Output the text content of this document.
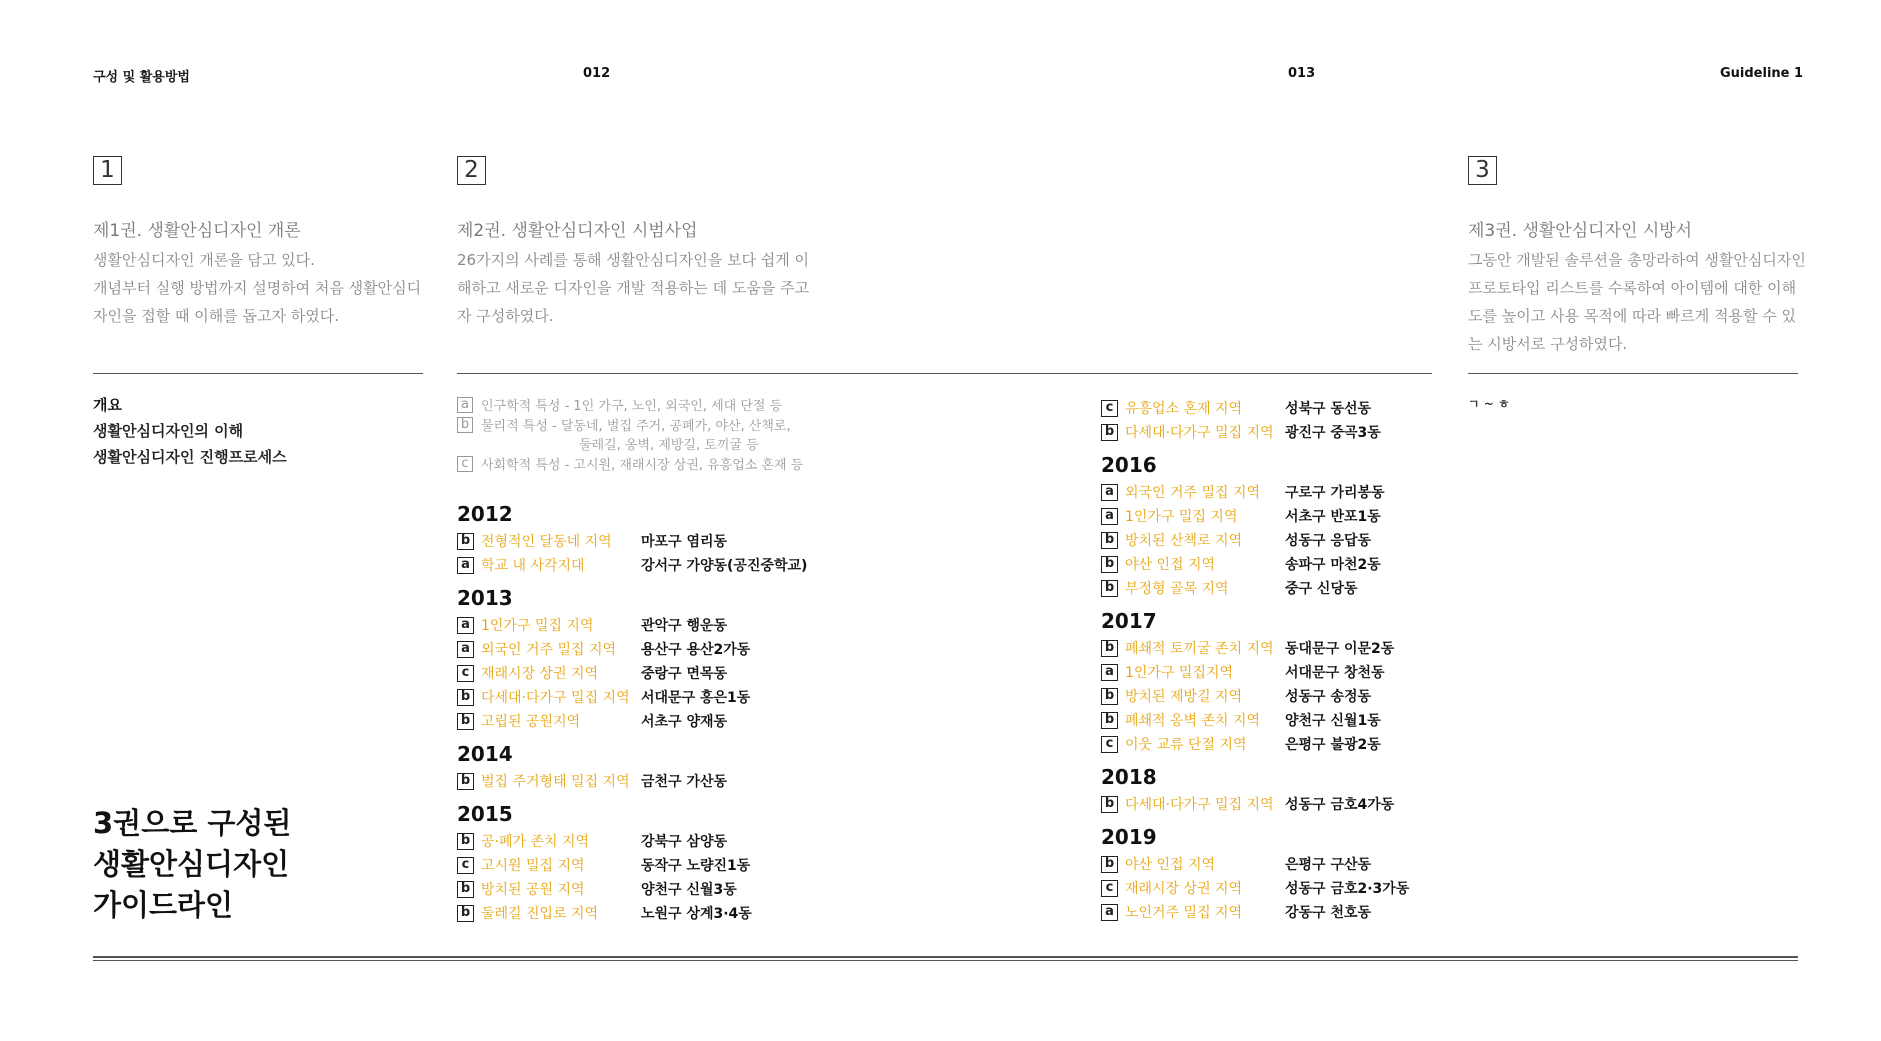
구성 및 활용방법	012	013	Guideline 1
1
제1권. 생활안심디자인 개론
생활안심디자인 개론을 담고 있다.
개념부터 실행 방법까지 설명하여 처음 생활안심디
자인을 접할 때 이해를 돕고자 하였다.
2
제2권. 생활안심디자인 시범사업
26가지의 사례를 통해 생활안심디자인을 보다 쉽게 이
해하고 새로운 디자인을 개발 적용하는 데 도움을 주고
자 구성하였다.
3
제3권. 생활안심디자인 시방서
그동안 개발된 솔루션을 총망라하여 생활안심디자인
프로토타입 리스트를 수록하여 아이템에 대한 이해
도를 높이고 사용 목적에 따라 빠르게 적용할 수 있
는 시방서로 구성하였다.
개요
생활안심디자인의 이해
생활안심디자인 진행프로세스
3권으로 구성된
생활안심디자인
가이드라인
a 인구학적 특성 - 1인 가구, 노인, 외국인, 세대 단절 등
b 물리적 특성 - 달동네, 벌집 주거, 공폐가, 야산, 산책로,
둘레길, 옹벽, 제방길, 토끼굴 등
c 사회학적 특성 - 고시원, 재래시장 상권, 유흥업소 혼재 등
2012
b 전형적인 달동네 지역	마포구 염리동
a 학교 내 사각지대	강서구 가양동(공진중학교)
2013
a 1인가구 밀집 지역	관악구 행운동
a 외국인 거주 밀집 지역	용산구 용산2가동
c 재래시장 상권 지역	중랑구 면목동
b 다세대·다가구 밀집 지역 서대문구 홍은1동
b 고립된 공원지역	서초구 양재동
2014
b 벌집 주거형태 밀집 지역 금천구 가산동
2015
b 공·폐가 존치 지역	강북구 삼양동
c 고시원 밀집 지역	동작구 노량진1동
b 방치된 공원 지역	양천구 신월3동
b 둘레길 진입로 지역	노원구 상계3·4동
c 유흥업소 혼재 지역	성북구 동선동
b 다세대·다가구 밀집 지역 광진구 중곡3동
2016
a 외국인 거주 밀집 지역	구로구 가리봉동
a 1인가구 밀집 지역	서초구 반포1동
b 방치된 산책로 지역	성동구 응답동
b 야산 인접 지역	송파구 마천2동
b 부정형 골목 지역	중구 신당동
2017
b 폐쇄적 토끼굴 존치 지역 동대문구 이문2동
a 1인가구 밀집지역	서대문구 창천동
b 방치된 제방길 지역	성동구 송정동
b 폐쇄적 옹벽 존치 지역	양천구 신월1동
c 이웃 교류 단절 지역	은평구 불광2동
2018
b 다세대·다가구 밀집 지역 성동구 금호4가동
2019
b 야산 인접 지역	은평구 구산동
c 재래시장 상권 지역	성동구 금호2·3가동
a 노인거주 밀집 지역	강동구 천호동
ㄱ ~ ㅎ
